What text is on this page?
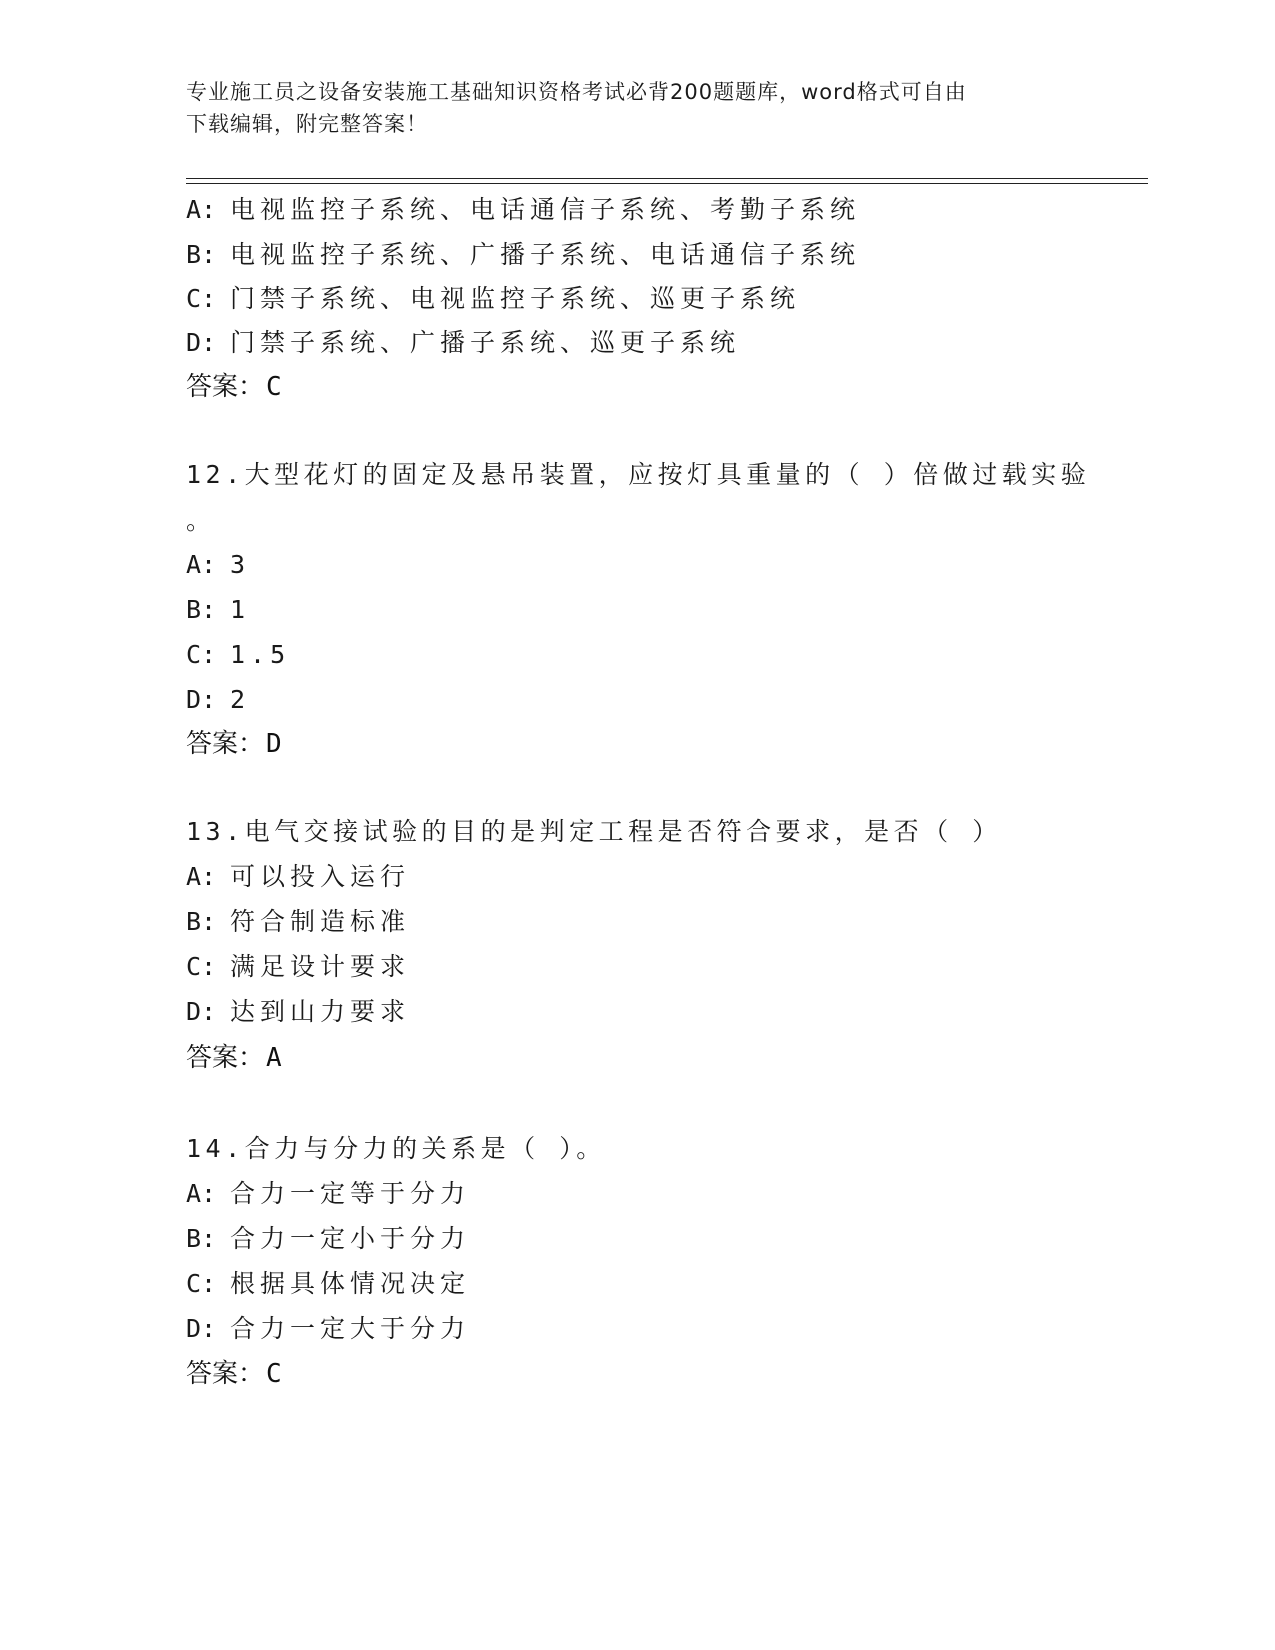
专业施工员之设备安装施工基础知识资格考试必背200题题库，word格式可自由
下载编辑，附完整答案！
A: 电视监控子系统、电话通信子系统、考勤子系统
B: 电视监控子系统、广播子系统、电话通信子系统
C: 门禁子系统、电视监控子系统、巡更子系统
D: 门禁子系统、广播子系统、巡更子系统
答案：C
12.大型花灯的固定及悬吊装置，应按灯具重量的（ ）倍做过载实验
。
A: 3
B: 1
C: 1.5
D: 2
答案：D
13.电气交接试验的目的是判定工程是否符合要求，是否（ ）
A: 可以投入运行
B: 符合制造标准
C: 满足设计要求
D: 达到山力要求
答案：A
14.合力与分力的关系是（ ）。
A: 合力一定等于分力
B: 合力一定小于分力
C: 根据具体情况决定
D: 合力一定大于分力
答案：C
